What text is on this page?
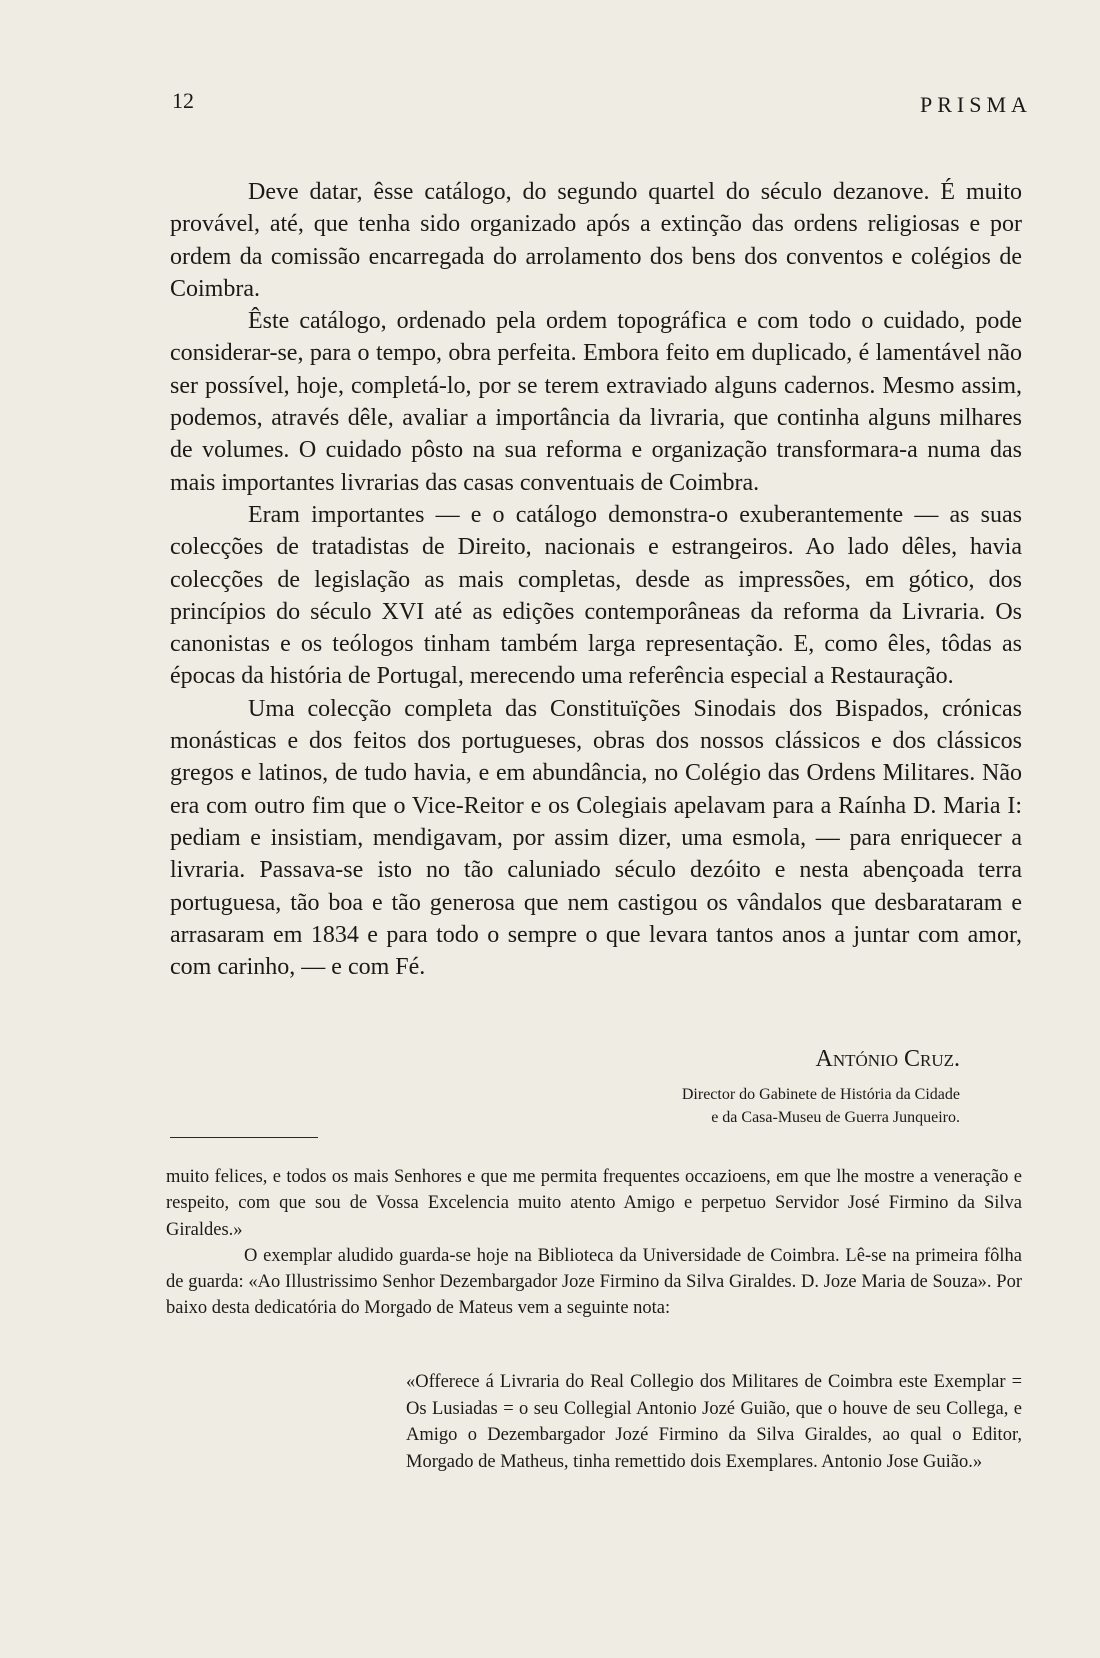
12	PRISMA

Deve datar, êsse catálogo, do segundo quartel do século dezanove. É muito provável, até, que tenha sido organizado após a extinção das ordens religiosas e por ordem da comissão encarregada do arrolamento dos bens dos conventos e colégios de Coimbra.

Êste catálogo, ordenado pela ordem topográfica e com todo o cuidado, pode considerar-se, para o tempo, obra perfeita. Embora feito em duplicado, é lamentável não ser possível, hoje, completá-lo, por se terem extraviado alguns cadernos. Mesmo assim, podemos, através dêle, avaliar a importância da livraria, que continha alguns milhares de volumes. O cuidado pôsto na sua reforma e organização transformara-a numa das mais importantes livrarias das casas conventuais de Coimbra.

Eram importantes — e o catálogo demonstra-o exuberantemente — as suas colecções de tratadistas de Direito, nacionais e estrangeiros. Ao lado dêles, havia colecções de legislação as mais completas, desde as impressões, em gótico, dos princípios do século XVI até as edições contemporâneas da reforma da Livraria. Os canonistas e os teólogos tinham também larga representação. E, como êles, tôdas as épocas da história de Portugal, merecendo uma referência especial a Restauração.

Uma colecção completa das Constituïções Sinodais dos Bispados, crónicas monásticas e dos feitos dos portugueses, obras dos nossos clássicos e dos clássicos gregos e latinos, de tudo havia, e em abundância, no Colégio das Ordens Militares. Não era com outro fim que o Vice-Reitor e os Colegiais apelavam para a Raínha D. Maria I: pediam e insistiam, mendigavam, por assim dizer, uma esmola, — para enriquecer a livraria. Passava-se isto no tão caluniado século dezóito e nesta abençoada terra portuguesa, tão boa e tão generosa que nem castigou os vândalos que desbarataram e arrasaram em 1834 e para todo o sempre o que levara tantos anos a juntar com amor, com carinho, — e com Fé.

António Cruz.
Director do Gabinete de História da Cidade
e da Casa-Museu de Guerra Junqueiro.

muito felices, e todos os mais Senhores e que me permita frequentes occazioens, em que lhe mostre a veneração e respeito, com que sou de Vossa Excelencia muito atento Amigo e perpetuo Servidor José Firmino da Silva Giraldes.»

O exemplar aludido guarda-se hoje na Biblioteca da Universidade de Coimbra. Lê-se na primeira fôlha de guarda: «Ao Illustrissimo Senhor Dezembargador Joze Firmino da Silva Giraldes. D. Joze Maria de Souza». Por baixo desta dedicatória do Morgado de Mateus vem a seguinte nota:

«Offerece á Livraria do Real Collegio dos Militares de Coimbra este Exemplar = Os Lusiadas = o seu Collegial Antonio Jozé Guião, que o houve de seu Collega, e Amigo o Dezembargador Jozé Firmino da Silva Giraldes, ao qual o Editor, Morgado de Matheus, tinha remettido dois Exemplares. Antonio Jose Guião.»
